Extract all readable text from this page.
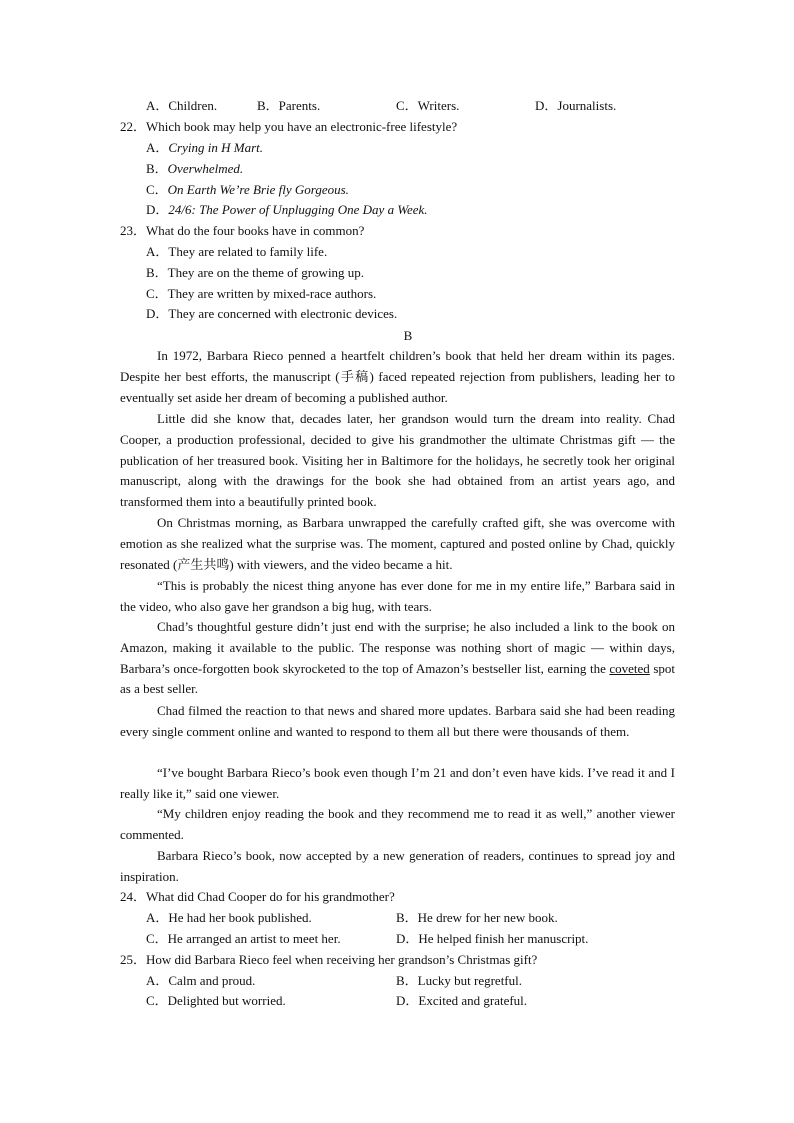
A．Children.	B．Parents.	C．Writers.	D．Journalists.
22．Which book may help you have an electronic-free lifestyle?
A．Crying in H Mart.
B．Overwhelmed.
C．On Earth We’re Brie fly Gorgeous.
D．24/6: The Power of Unplugging One Day a Week.
23．What do the four books have in common?
A．They are related to family life.
B．They are on the theme of growing up.
C．They are written by mixed-race authors.
D．They are concerned with electronic devices.
B
In 1972, Barbara Rieco penned a heartfelt children’s book that held her dream within its pages. Despite her best efforts, the manuscript (手稿) faced repeated rejection from publishers, leading her to eventually set aside her dream of becoming a published author.
Little did she know that, decades later, her grandson would turn the dream into reality. Chad Cooper, a production professional, decided to give his grandmother the ultimate Christmas gift — the publication of her treasured book. Visiting her in Baltimore for the holidays, he secretly took her original manuscript, along with the drawings for the book she had obtained from an artist years ago, and transformed them into a beautifully printed book.
On Christmas morning, as Barbara unwrapped the carefully crafted gift, she was overcome with emotion as she realized what the surprise was. The moment, captured and posted online by Chad, quickly resonated (产生共鸣) with viewers, and the video became a hit.
“This is probably the nicest thing anyone has ever done for me in my entire life,” Barbara said in the video, who also gave her grandson a big hug, with tears.
Chad’s thoughtful gesture didn’t just end with the surprise; he also included a link to the book on Amazon, making it available to the public. The response was nothing short of magic — within days, Barbara’s once-forgotten book skyrocketed to the top of Amazon’s bestseller list, earning the coveted spot as a best seller.
Chad filmed the reaction to that news and shared more updates. Barbara said she had been reading every single comment online and wanted to respond to them all but there were thousands of them.
“I’ve bought Barbara Rieco’s book even though I’m 21 and don’t even have kids. I’ve read it and I really like it,” said one viewer.
“My children enjoy reading the book and they recommend me to read it as well,” another viewer commented.
Barbara Rieco’s book, now accepted by a new generation of readers, continues to spread joy and inspiration.
24．What did Chad Cooper do for his grandmother?
A．He had her book published.	B．He drew for her new book.
C．He arranged an artist to meet her.	D．He helped finish her manuscript.
25．How did Barbara Rieco feel when receiving her grandson’s Christmas gift?
A．Calm and proud.	B．Lucky but regretful.
C．Delighted but worried.	D．Excited and grateful.
